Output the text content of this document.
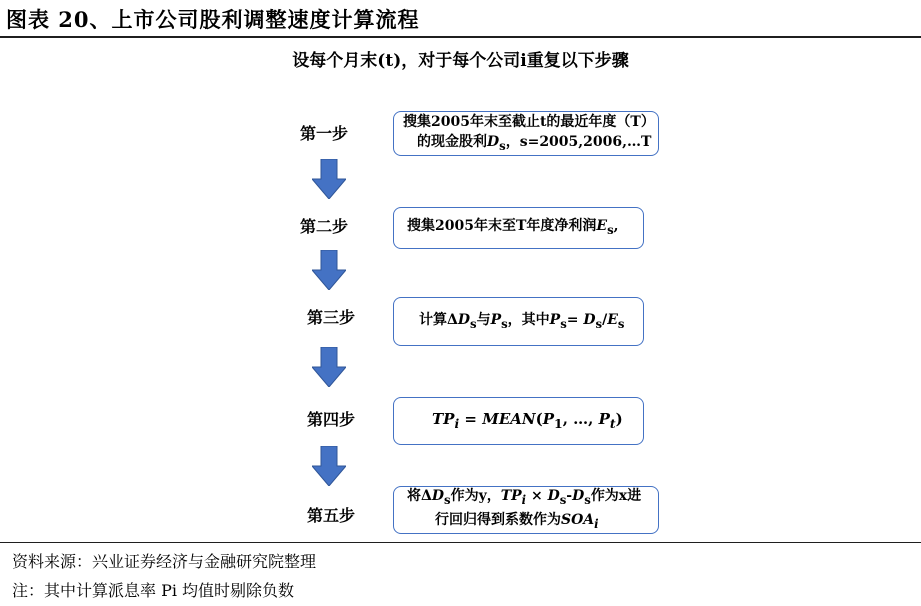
图表 20、上市公司股利调整速度计算流程
设每个月末(t)，对于每个公司i重复以下步骤
第一步
搜集2005年末至截止t的最近年度（T）
的现金股利$D_s$，s=2005,2006,…T
第二步	搜集2005年末至T年度净利润$E_s$,
第三步	计算$\Delta D_s$与$P_s$，其中$P_s= D_s/E_s$
第四步	$TP_i$ = $MEAN(P_1$, …, $P_t$)
第五步
将$\Delta D_s$作为y，$TP_i \times D_s-D_s$作为x进
行回归得到系数作为$SOA_i$
资料来源：兴业证券经济与金融研究院整理
注：其中计算派息率 Pi 均值时剔除负数
